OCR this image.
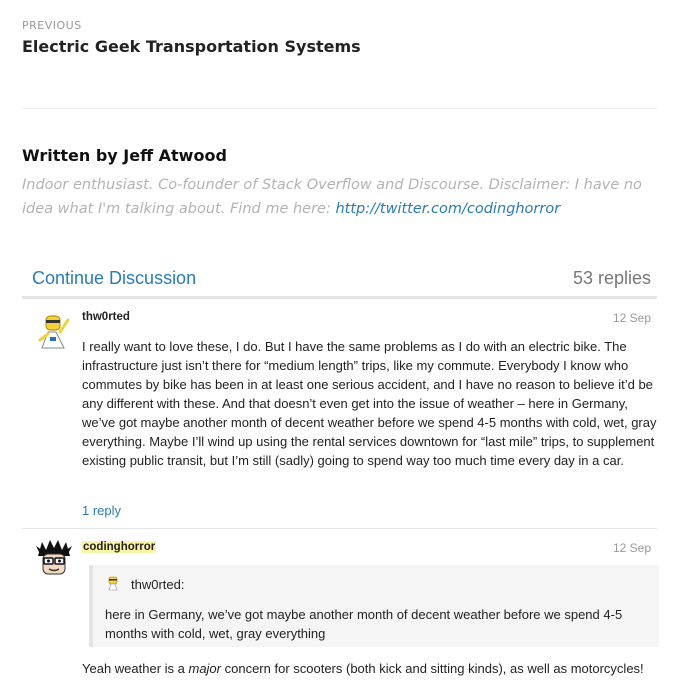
PREVIOUS
Electric Geek Transportation Systems
Written by Jeff Atwood
Indoor enthusiast. Co-founder of Stack Overflow and Discourse. Disclaimer: I have no idea what I'm talking about. Find me here: http://twitter.com/codinghorror
Continue Discussion	53 replies
thw0rted	12 Sep
I really want to love these, I do. But I have the same problems as I do with an electric bike. The infrastructure just isn’t there for “medium length” trips, like my commute. Everybody I know who commutes by bike has been in at least one serious accident, and I have no reason to believe it’d be any different with these. And that doesn’t even get into the issue of weather – here in Germany, we’ve got maybe another month of decent weather before we spend 4-5 months with cold, wet, gray everything. Maybe I’ll wind up using the rental services downtown for “last mile” trips, to supplement existing public transit, but I’m still (sadly) going to spend way too much time every day in a car.
1 reply
codinghorror	12 Sep
thw0rted:
here in Germany, we’ve got maybe another month of decent weather before we spend 4-5 months with cold, wet, gray everything
Yeah weather is a major concern for scooters (both kick and sitting kinds), as well as motorcycles!
